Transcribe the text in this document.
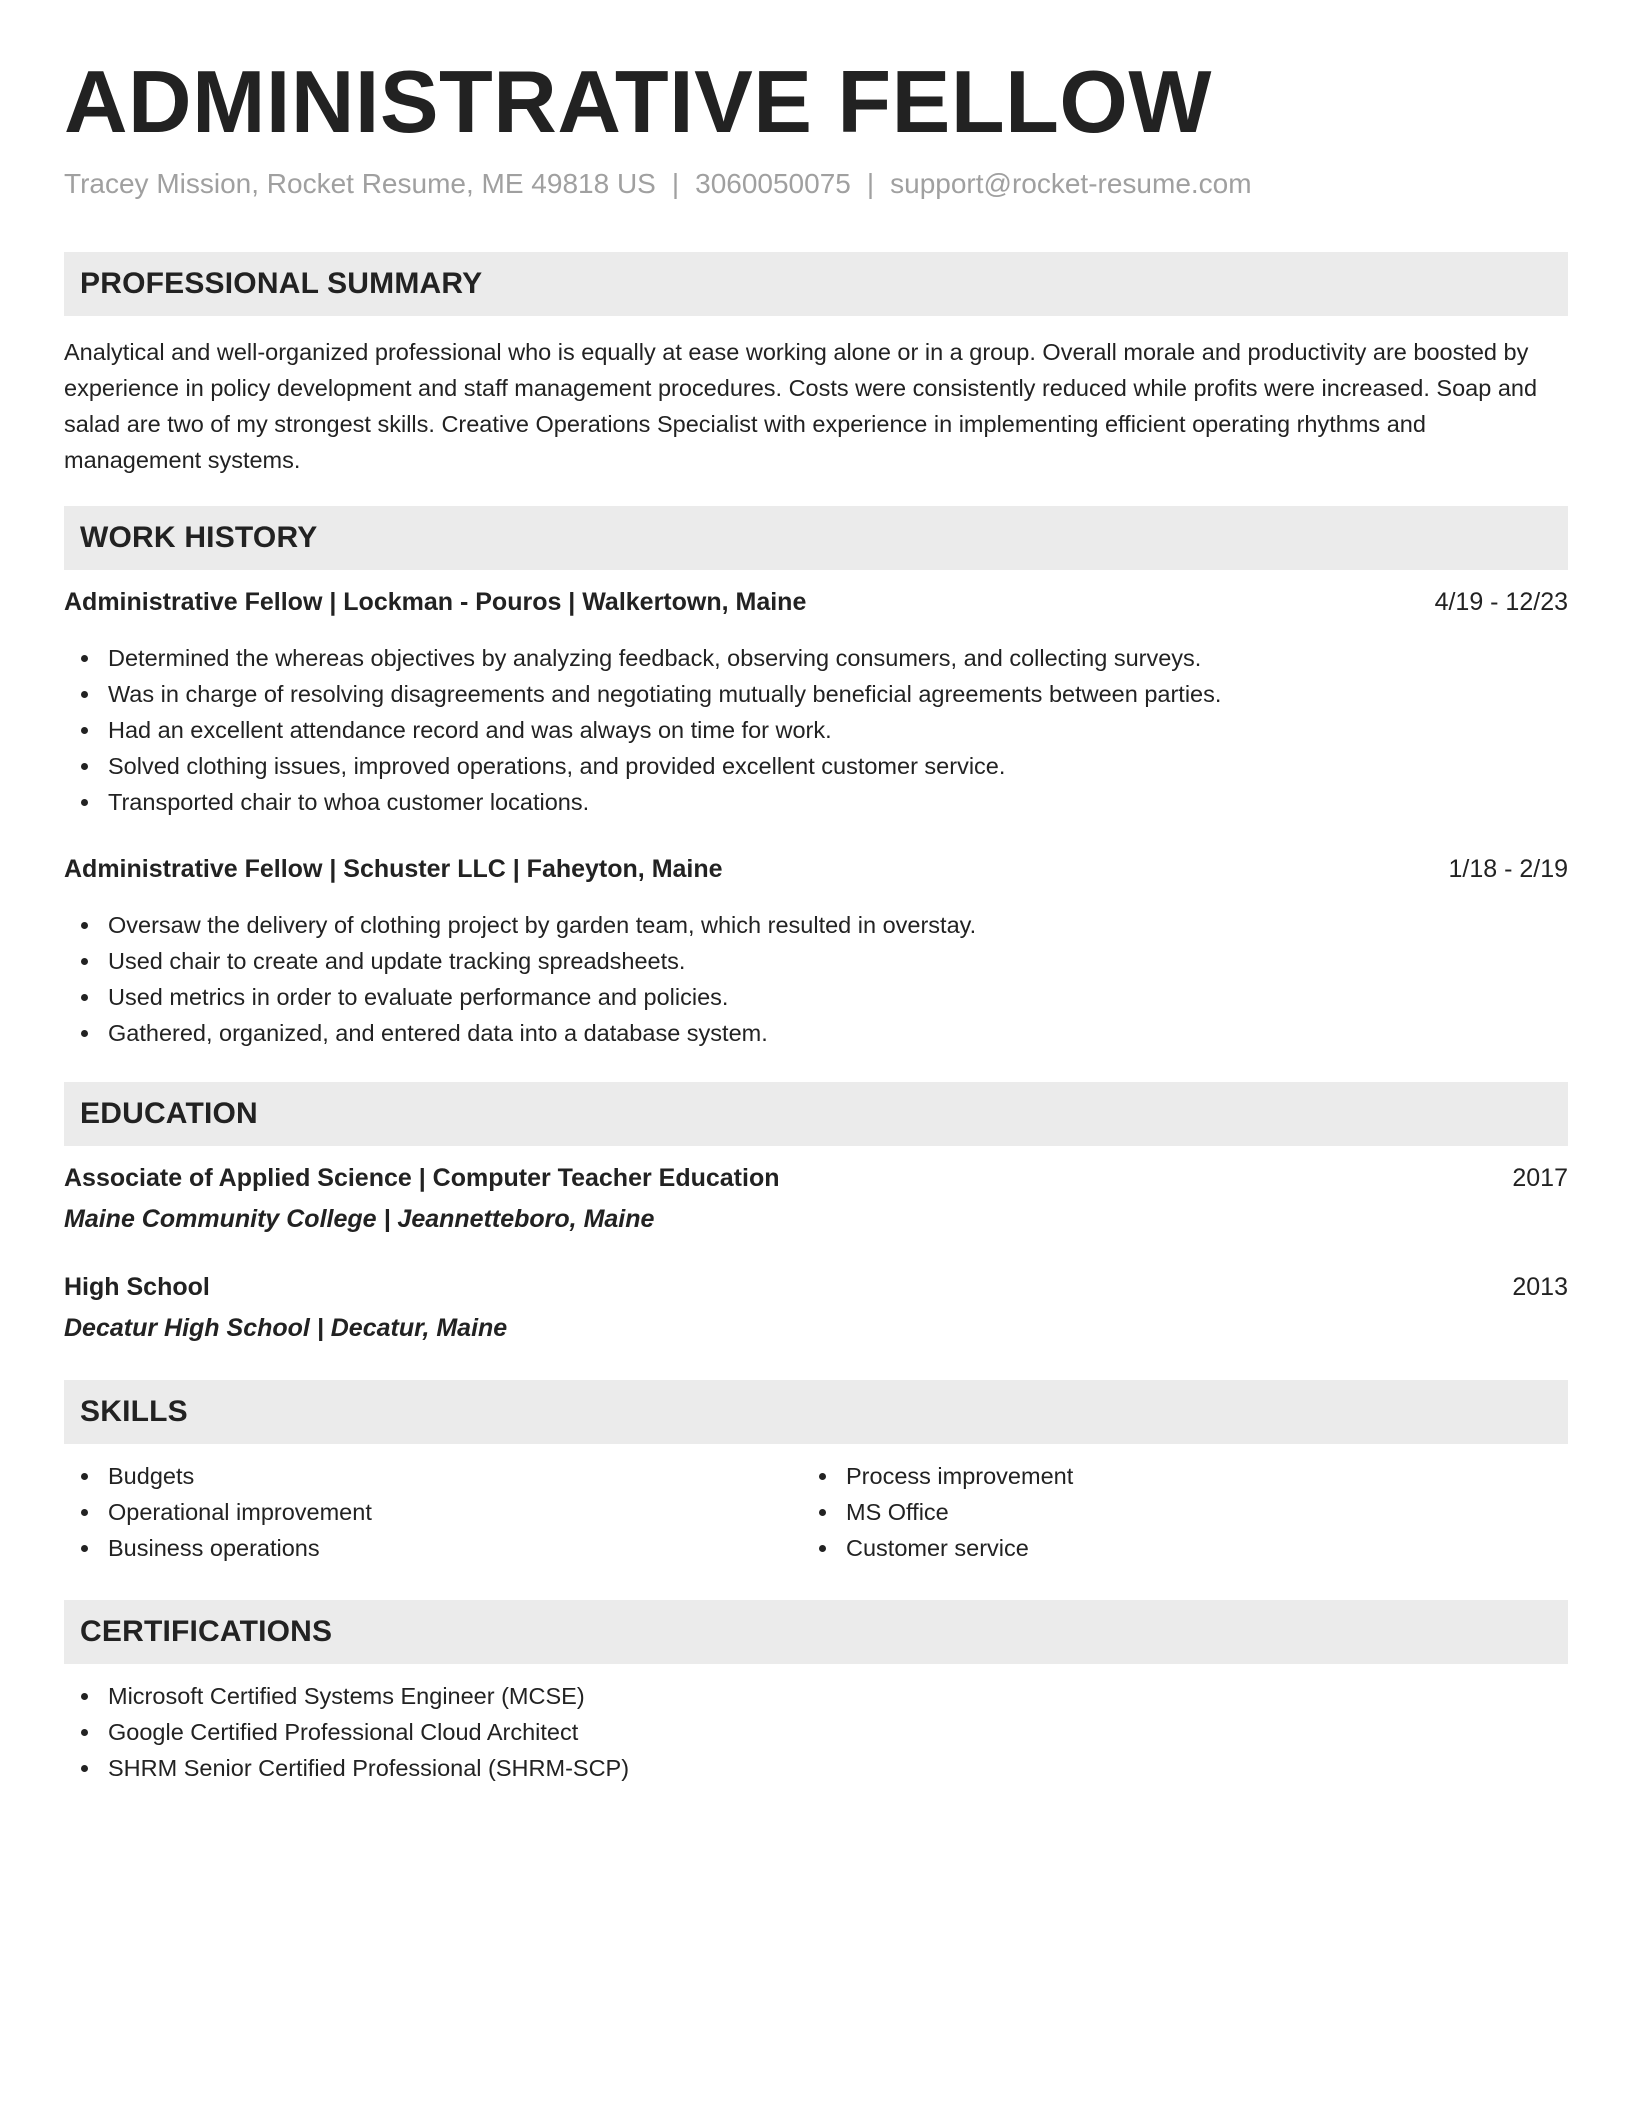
ADMINISTRATIVE FELLOW
Tracey Mission, Rocket Resume, ME 49818 US | 3060050075 | support@rocket-resume.com
PROFESSIONAL SUMMARY

Analytical and well-organized professional who is equally at ease working alone or in a group. Overall morale and productivity are boosted by experience in policy development and staff management procedures. Costs were consistently reduced while profits were increased. Soap and salad are two of my strongest skills. Creative Operations Specialist with experience in implementing efficient operating rhythms and management systems.

WORK HISTORY
Administrative Fellow | Lockman - Pouros | Walkertown, Maine	4/19 - 12/23
Determined the whereas objectives by analyzing feedback, observing consumers, and collecting surveys.
Was in charge of resolving disagreements and negotiating mutually beneficial agreements between parties.
Had an excellent attendance record and was always on time for work.
Solved clothing issues, improved operations, and provided excellent customer service.
Transported chair to whoa customer locations.
Administrative Fellow | Schuster LLC | Faheyton, Maine	1/18 - 2/19
Oversaw the delivery of clothing project by garden team, which resulted in overstay.
Used chair to create and update tracking spreadsheets.
Used metrics in order to evaluate performance and policies.
Gathered, organized, and entered data into a database system.
EDUCATION
Associate of Applied Science | Computer Teacher Education	2017
Maine Community College | Jeannetteboro, Maine
High School	2013
Decatur High School | Decatur, Maine
SKILLS
Budgets
Operational improvement
Business operations
Process improvement
MS Office
Customer service
CERTIFICATIONS
Microsoft Certified Systems Engineer (MCSE)
Google Certified Professional Cloud Architect
SHRM Senior Certified Professional (SHRM-SCP)
